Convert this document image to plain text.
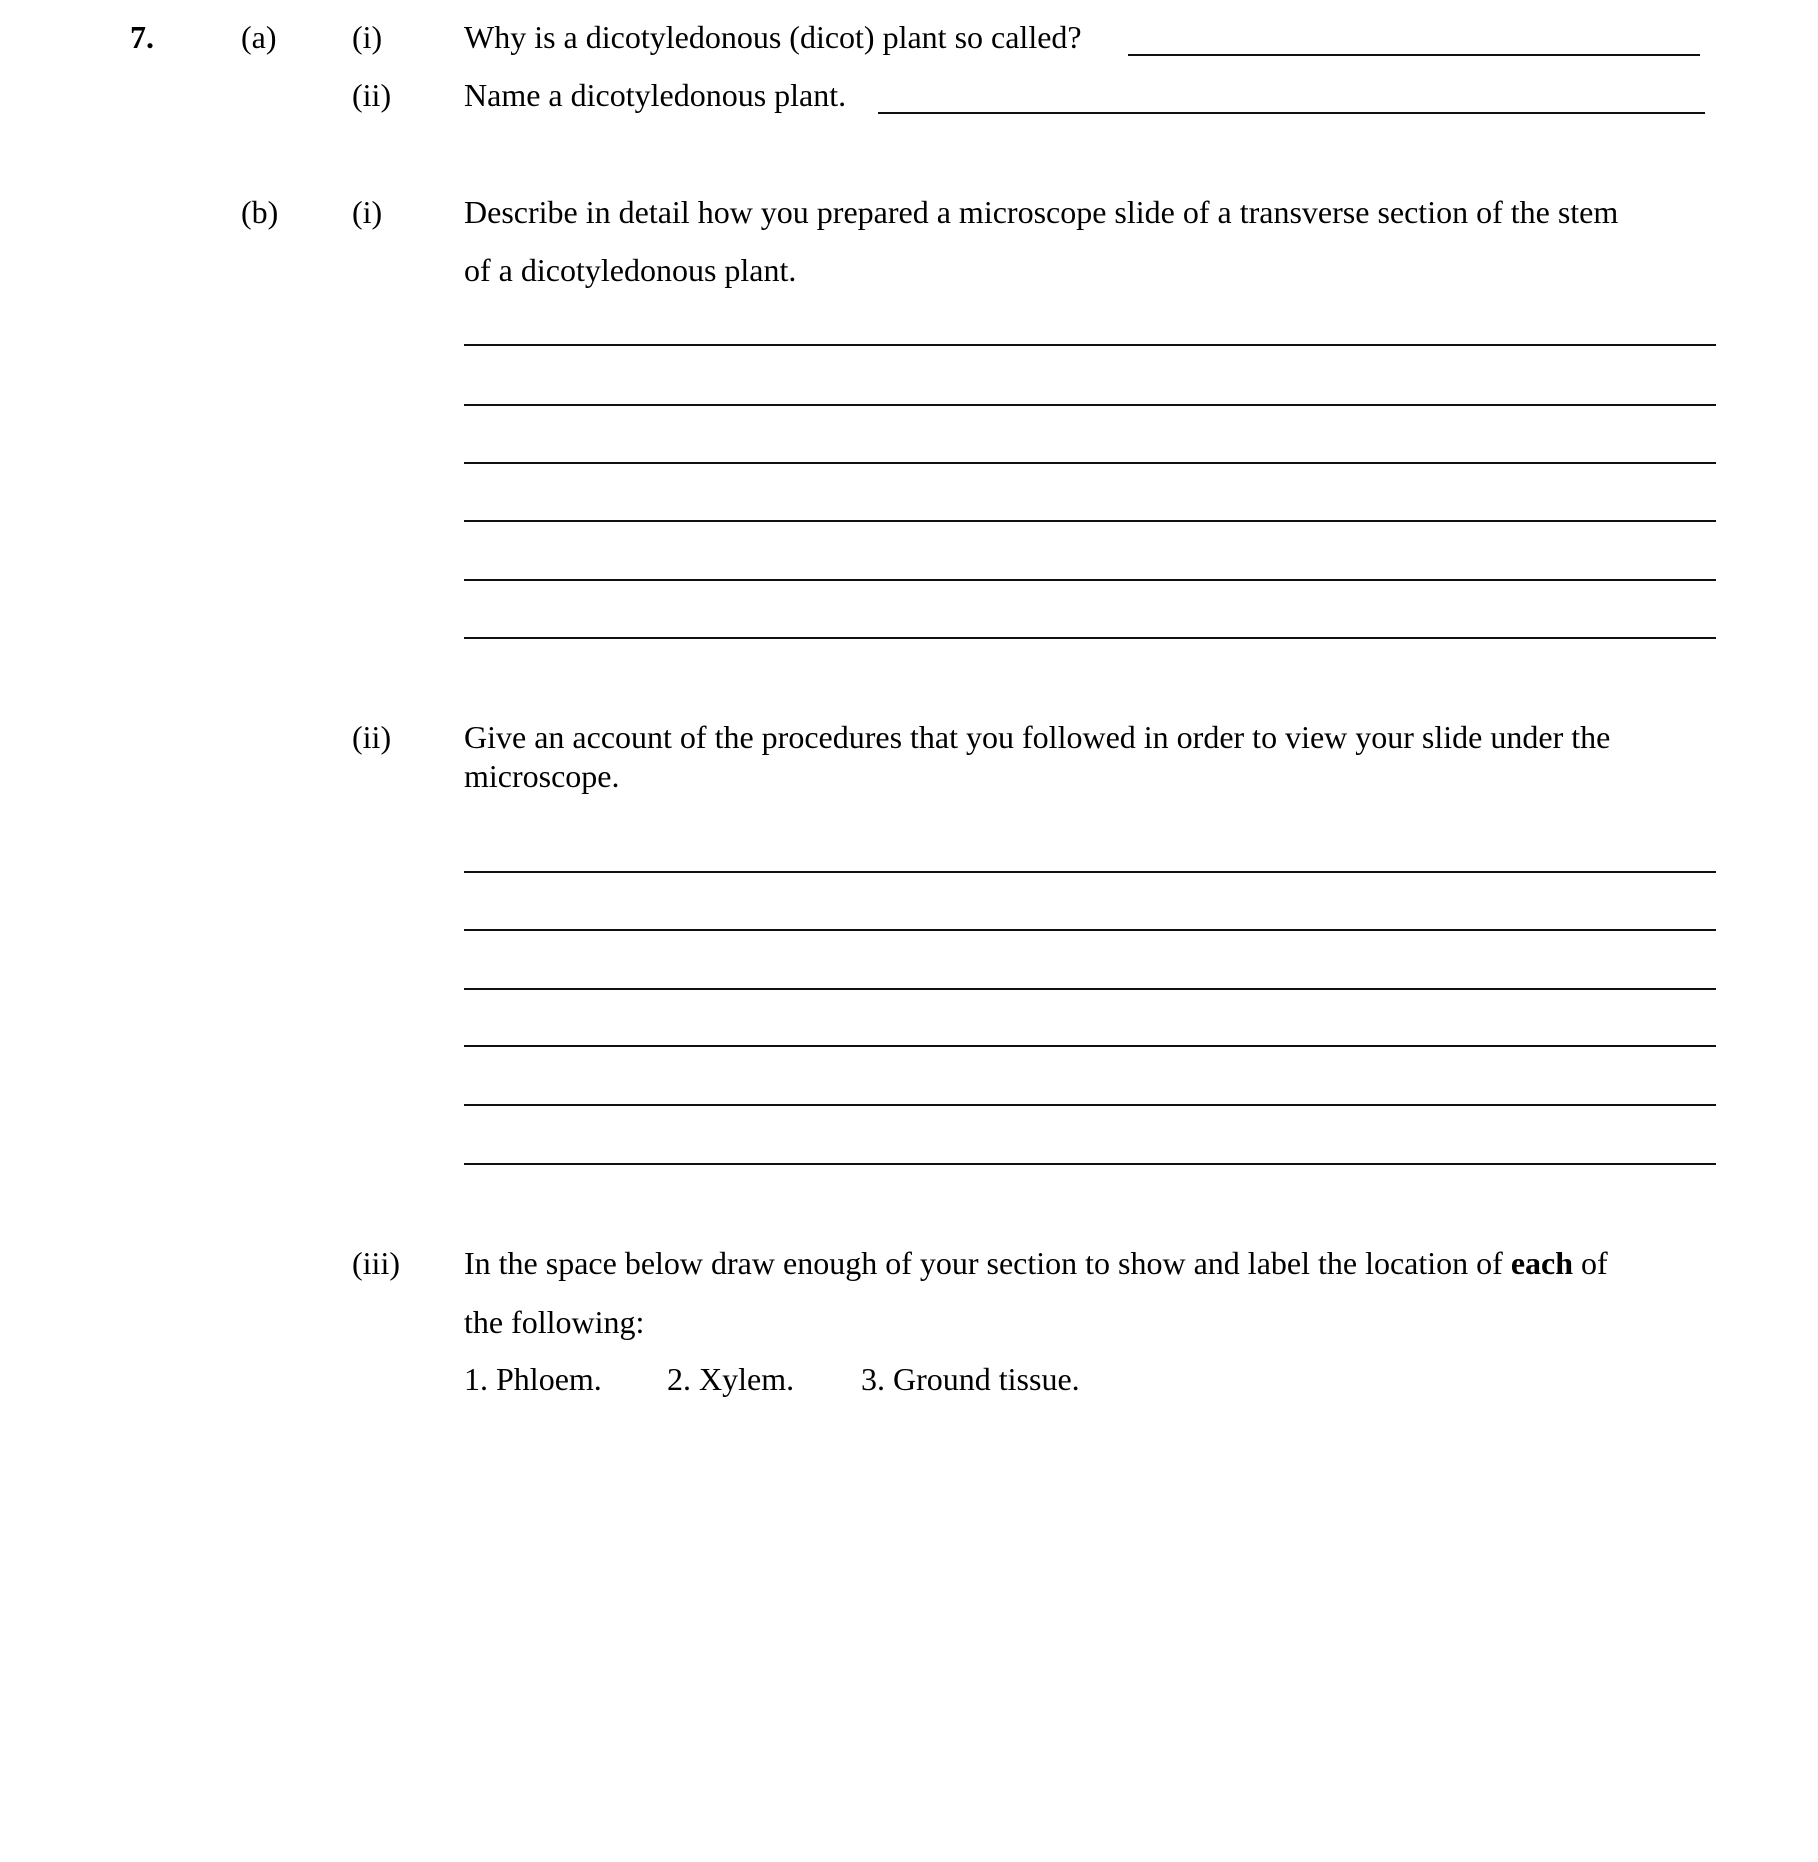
7.	(a) (i)	Why is a dicotyledonous (dicot) plant so called?
(ii) Name a dicotyledonous plant.
(b) (i)	Describe in detail how you prepared a microscope slide of a transverse section of the stem
of a dicotyledonous plant.
(ii) Give an account of the procedures that you followed in order to view your slide under the
microscope.
(iii) In the space below draw enough of your section to show and label the location of each of
the following:
1. Phloem. 2. Xylem. 3. Ground tissue.
